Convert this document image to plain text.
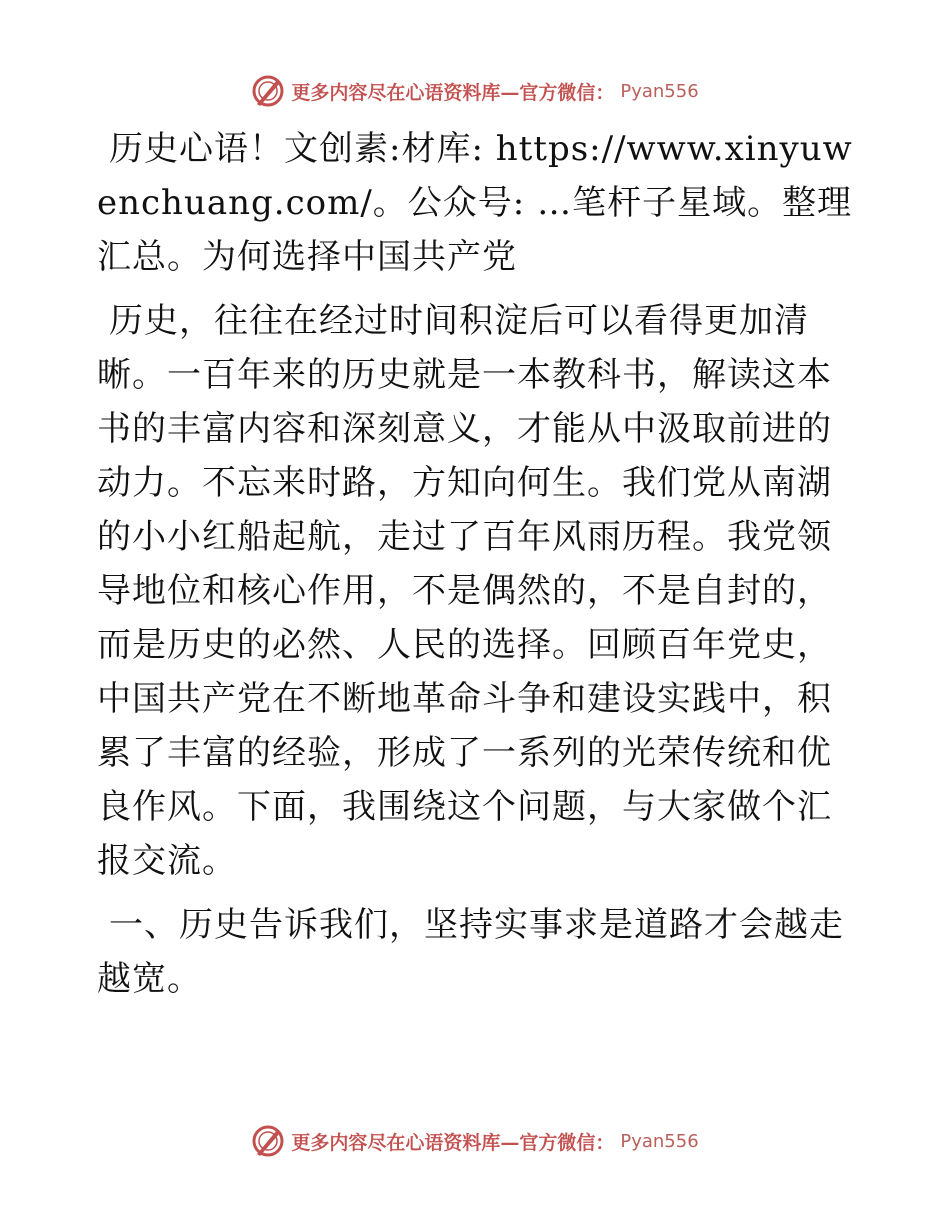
更多内容尽在心语资料库—官方微信： Pyan556

历史心语！文创素:材库: https://www.xinyuwenchuang.com/。公众号: …笔杆子星域。整理汇总。为何选择中国共产党

历史，往往在经过时间积淀后可以看得更加清晰。一百年来的历史就是一本教科书，解读这本书的丰富内容和深刻意义，才能从中汲取前进的动力。不忘来时路，方知向何生。我们党从南湖的小小红船起航，走过了百年风雨历程。我党领导地位和核心作用，不是偶然的，不是自封的，而是历史的必然、人民的选择。回顾百年党史，中国共产党在不断地革命斗争和建设实践中，积累了丰富的经验，形成了一系列的光荣传统和优良作风。下面，我围绕这个问题，与大家做个汇报交流。

一、历史告诉我们，坚持实事求是道路才会越走越宽。

更多内容尽在心语资料库—官方微信： Pyan556
